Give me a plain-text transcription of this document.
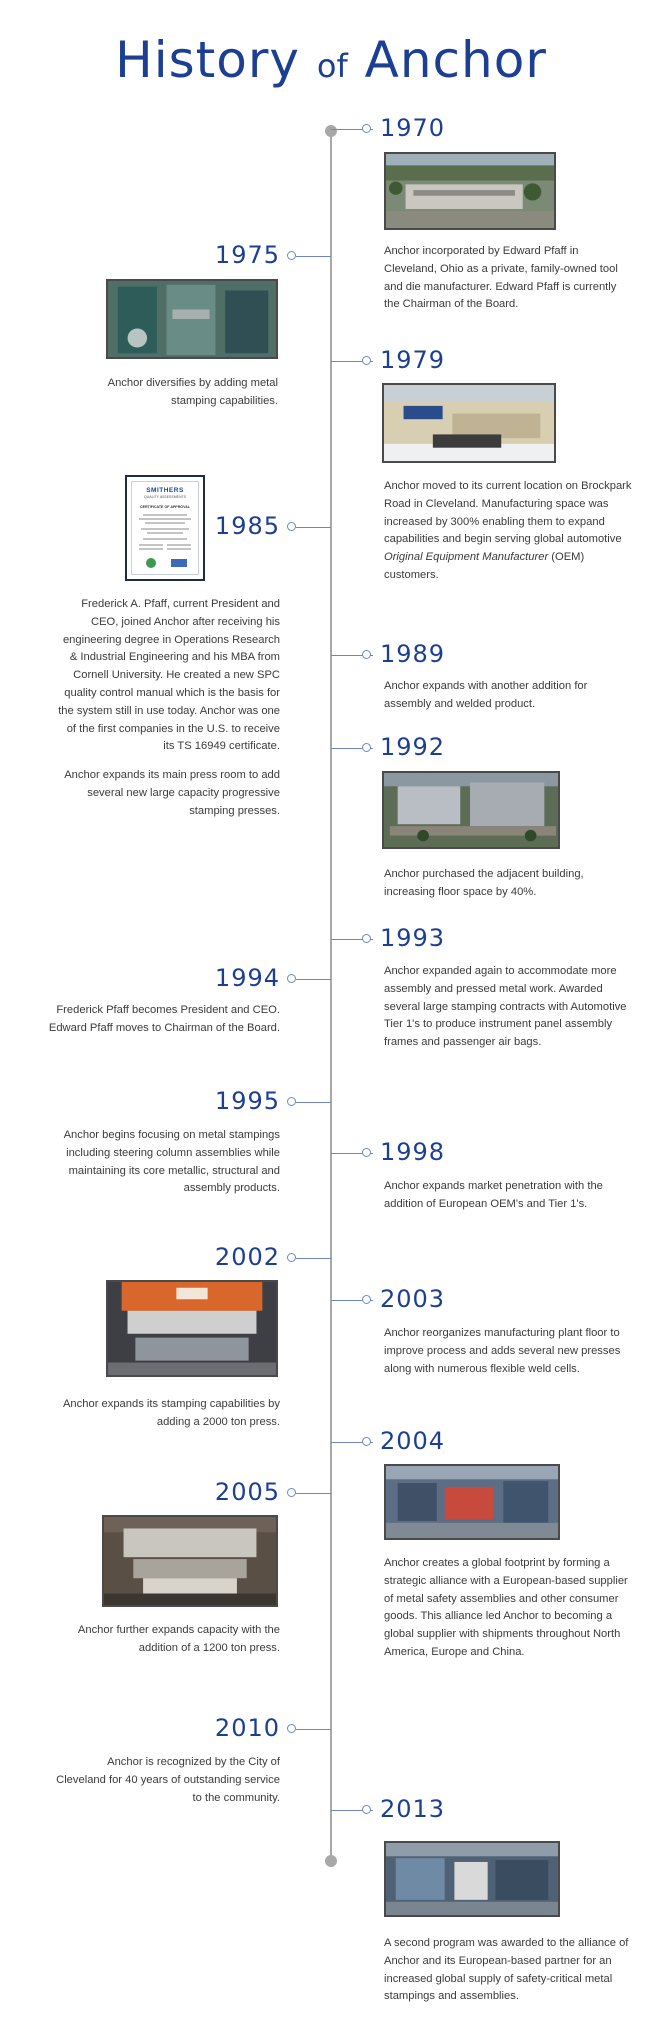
History of Anchor
1970
Anchor incorporated by Edward Pfaff in Cleveland, Ohio as a private, family-owned tool and die manufacturer. Edward Pfaff is currently the Chairman of the Board.
1975
Anchor diversifies by adding metal stamping capabilities.
1979
Anchor moved to its current location on Brockpark Road in Cleveland. Manufacturing space was increased by 300% enabling them to expand capabilities and begin serving global automotive Original Equipment Manufacturer (OEM) customers.
1985
SMITHERS
QUALITY ASSESSMENTS
CERTIFICATE OF APPROVAL
Frederick A. Pfaff, current President and CEO, joined Anchor after receiving his engineering degree in Operations Research & Industrial Engineering and his MBA from Cornell University. He created a new SPC quality control manual which is the basis for the system still in use today. Anchor was one of the first companies in the U.S. to receive its TS 16949 certificate.
Anchor expands its main press room to add several new large capacity progressive stamping presses.
1989
Anchor expands with another addition for assembly and welded product.
1992
Anchor purchased the adjacent building, increasing floor space by 40%.
1993
Anchor expanded again to accommodate more assembly and pressed metal work. Awarded several large stamping contracts with Automotive Tier 1's to produce instrument panel assembly frames and passenger air bags.
1994
Frederick Pfaff becomes President and CEO. Edward Pfaff moves to Chairman of the Board.
1995
Anchor begins focusing on metal stampings including steering column assemblies while maintaining its core metallic, structural and assembly products.
1998
Anchor expands market penetration with the addition of European OEM's and Tier 1's.
2002
Anchor expands its stamping capabilities by adding a 2000 ton press.
2003
Anchor reorganizes manufacturing plant floor to improve process and adds several new presses along with numerous flexible weld cells.
2004
Anchor creates a global footprint by forming a strategic alliance with a European-based supplier of metal safety assemblies and other consumer goods. This alliance led Anchor to becoming a global supplier with shipments throughout North America, Europe and China.
2005
Anchor further expands capacity with the addition of a 1200 ton press.
2010
Anchor is recognized by the City of Cleveland for 40 years of outstanding service to the community.	2013
A second program was awarded to the alliance of Anchor and its European-based partner for an increased global supply of safety-critical metal stampings and assemblies.
